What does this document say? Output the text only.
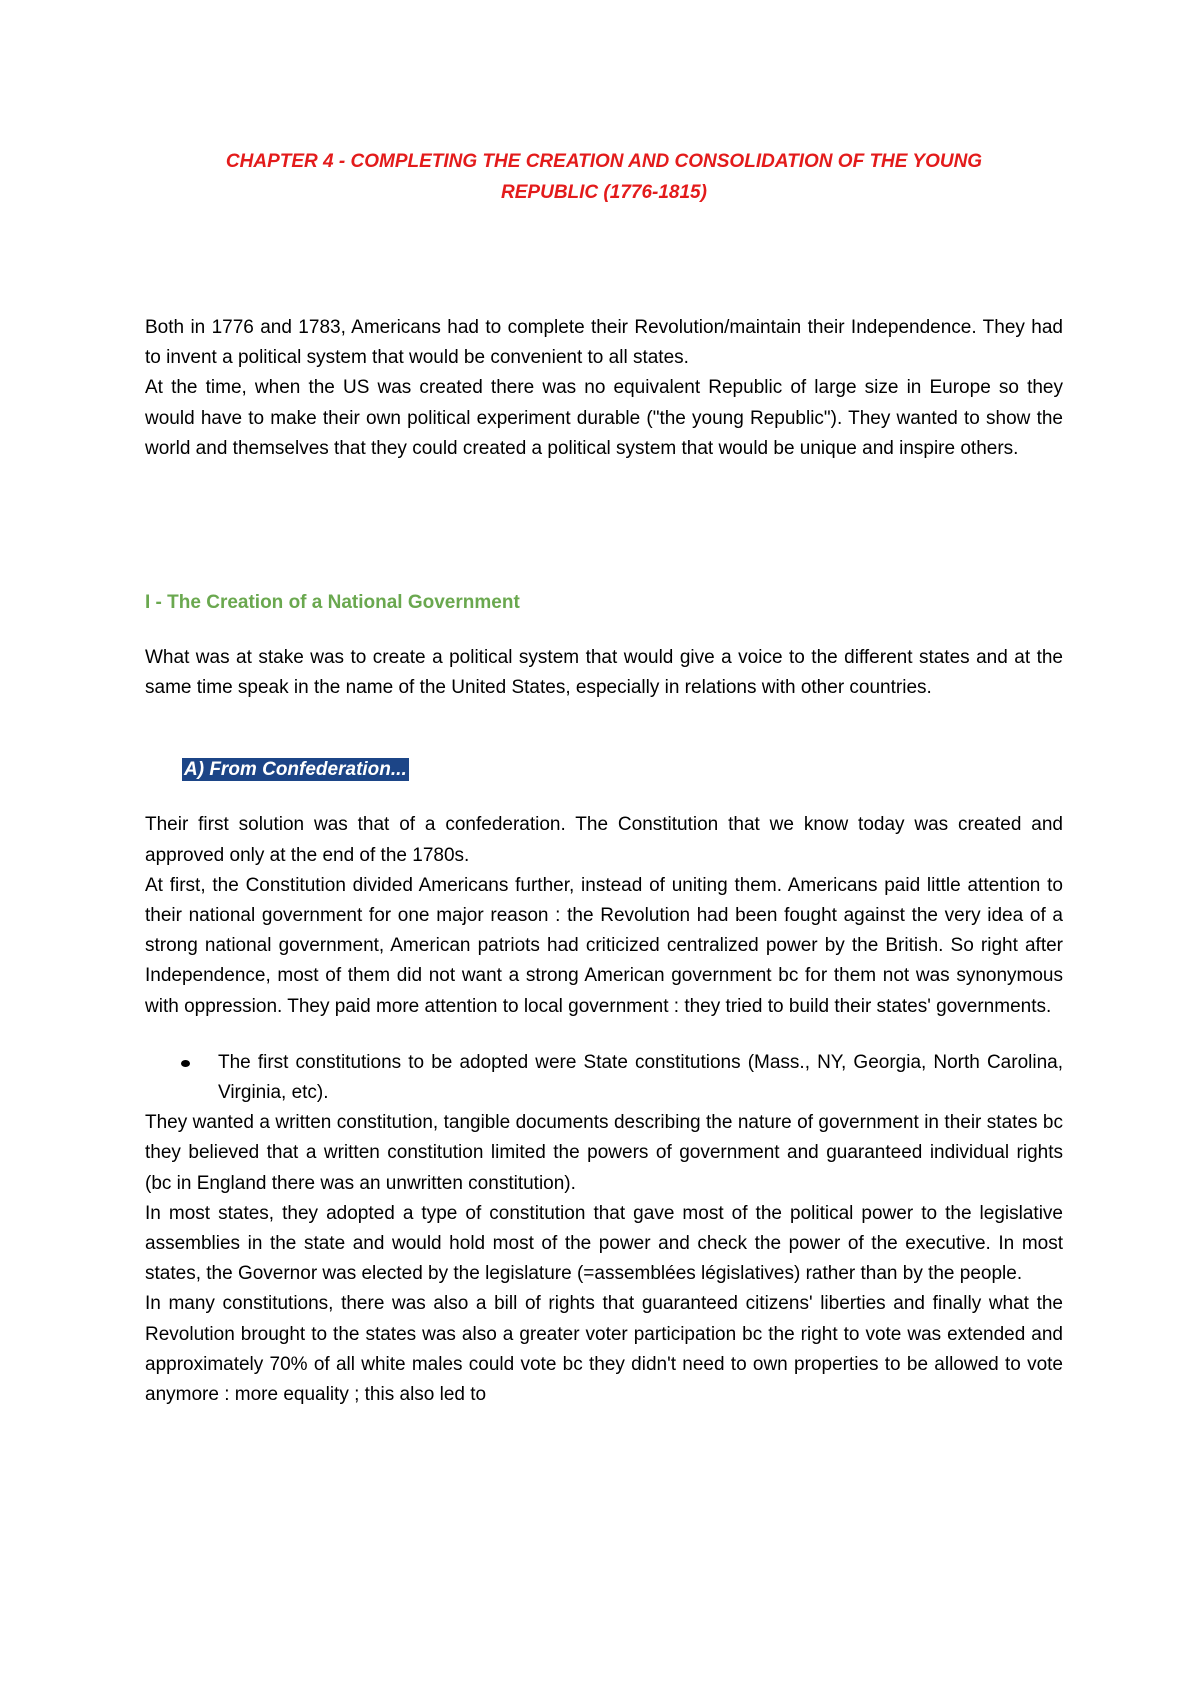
CHAPTER 4 - COMPLETING THE CREATION AND CONSOLIDATION OF THE YOUNG
REPUBLIC (1776-1815)

Both in 1776 and 1783, Americans had to complete their Revolution/maintain their Independence. They had to invent a political system that would be convenient to all states.

At the time, when the US was created there was no equivalent Republic of large size in Europe so they would have to make their own political experiment durable ("the young Republic"). They wanted to show the world and themselves that they could created a political system that would be unique and inspire others.

I - The Creation of a National Government

What was at stake was to create a political system that would give a voice to the different states and at the same time speak in the name of the United States, especially in relations with other countries.

A) From Confederation...

Their first solution was that of a confederation. The Constitution that we know today was created and approved only at the end of the 1780s.

At first, the Constitution divided Americans further, instead of uniting them. Americans paid little attention to their national government for one major reason : the Revolution had been fought against the very idea of a strong national government, American patriots had criticized centralized power by the British. So right after Independence, most of them did not want a strong American government bc for them not was synonymous with oppression. They paid more attention to local government : they tried to build their states' governments.

The first constitutions to be adopted were State constitutions (Mass., NY, Georgia, North Carolina, Virginia, etc).

They wanted a written constitution, tangible documents describing the nature of government in their states bc they believed that a written constitution limited the powers of government and guaranteed individual rights (bc in England there was an unwritten constitution).

In most states, they adopted a type of constitution that gave most of the political power to the legislative assemblies in the state and would hold most of the power and check the power of the executive. In most states, the Governor was elected by the legislature (=assemblées législatives) rather than by the people.

In many constitutions, there was also a bill of rights that guaranteed citizens' liberties and finally what the Revolution brought to the states was also a greater voter participation bc the right to vote was extended and approximately 70% of all white males could vote bc they didn't need to own properties to be allowed to vote anymore : more equality ; this also led to
